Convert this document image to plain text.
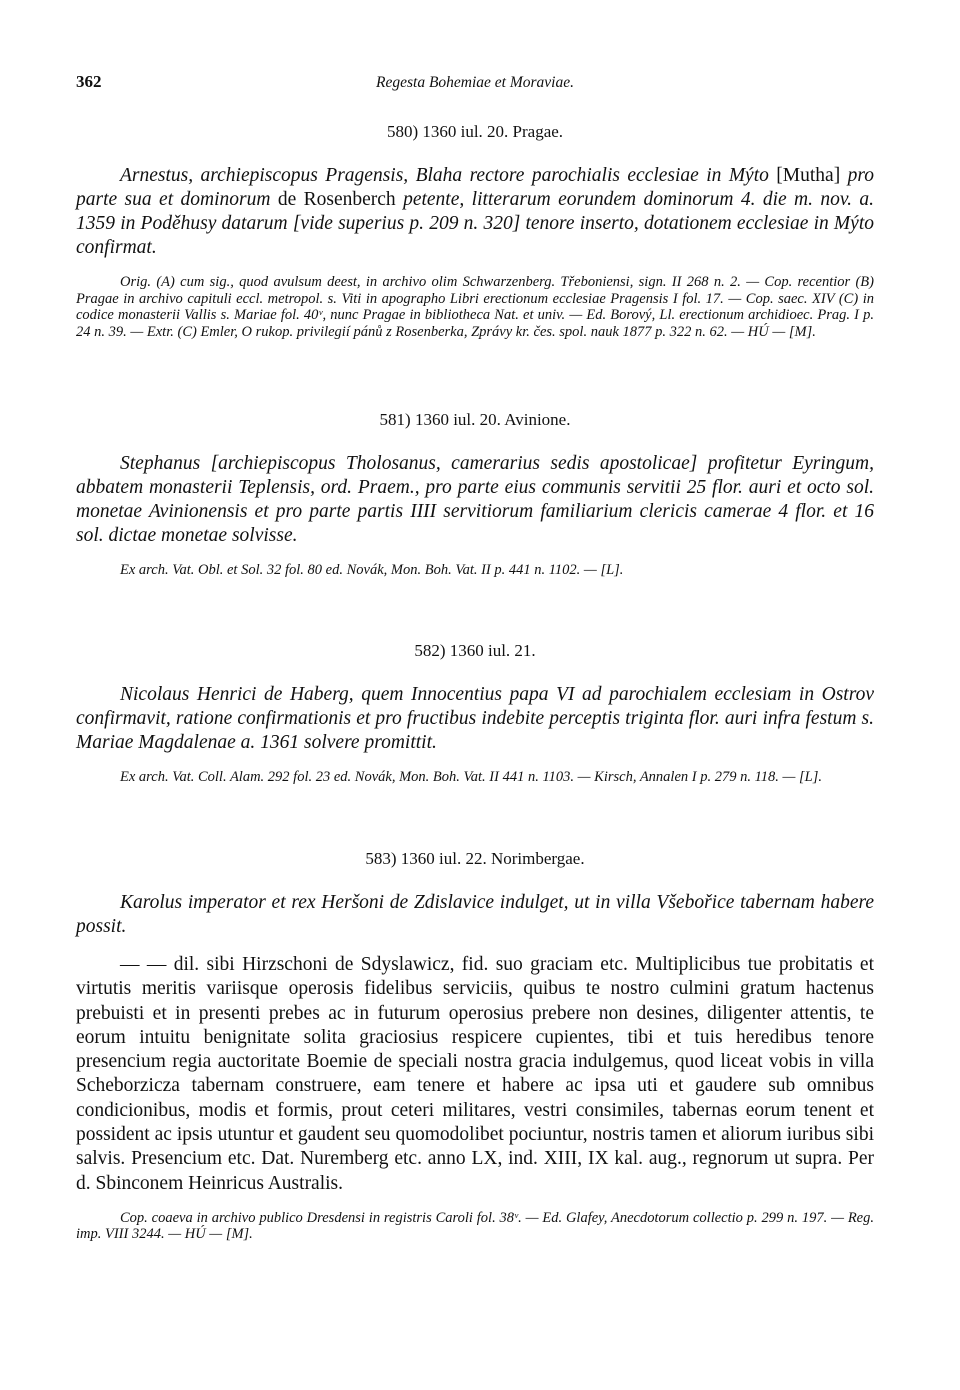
362	Regesta Bohemiae et Moraviae.
580) 1360 iul. 20. Pragae.

Arnestus, archiepiscopus Pragensis, Blaha rectore parochialis ecclesiae in Mýto [Mutha] pro parte sua et dominorum de Rosenberch petente, litterarum eorundem dominorum 4. die m. nov. a. 1359 in Poděhusy datarum [vide superius p. 209 n. 320] tenore inserto, dotationem ecclesiae in Mýto confirmat.

Orig. (A) cum sig., quod avulsum deest, in archivo olim Schwarzenberg. Třeboniensi, sign. II 268 n. 2. — Cop. recentior (B) Pragae in archivo capituli eccl. metropol. s. Viti in apographo Libri erectionum ecclesiae Pragensis I fol. 17. — Cop. saec. XIV (C) in codice monasterii Vallis s. Mariae fol. 40ᵛ, nunc Pragae in bibliotheca Nat. et univ. — Ed. Borový, Ll. erectionum archidioec. Prag. I p. 24 n. 39. — Extr. (C) Emler, O rukop. privilegií pánů z Rosenberka, Zprávy kr. čes. spol. nauk 1877 p. 322 n. 62. — HÚ — [M].

581) 1360 iul. 20. Avinione.

Stephanus [archiepiscopus Tholosanus, camerarius sedis apostolicae] profitetur Eyringum, abbatem monasterii Teplensis, ord. Praem., pro parte eius communis servitii 25 flor. auri et octo sol. monetae Avinionensis et pro parte partis IIII servitiorum familiarium clericis camerae 4 flor. et 16 sol. dictae monetae solvisse.

Ex arch. Vat. Obl. et Sol. 32 fol. 80 ed. Novák, Mon. Boh. Vat. II p. 441 n. 1102. — [L].

582) 1360 iul. 21.

Nicolaus Henrici de Haberg, quem Innocentius papa VI ad parochialem ecclesiam in Ostrov confirmavit, ratione confirmationis et pro fructibus indebite perceptis triginta flor. auri infra festum s. Mariae Magdalenae a. 1361 solvere promittit.

Ex arch. Vat. Coll. Alam. 292 fol. 23 ed. Novák, Mon. Boh. Vat. II 441 n. 1103. — Kirsch, Annalen I p. 279 n. 118. — [L].

583) 1360 iul. 22. Norimbergae.

Karolus imperator et rex Heršoni de Zdislavice indulget, ut in villa Všebořice tabernam habere possit.

— — dil. sibi Hirzschoni de Sdyslawicz, fid. suo graciam etc. Multiplicibus tue probitatis et virtutis meritis variisque operosis fidelibus serviciis, quibus te nostro culmini gratum hactenus prebuisti et in presenti prebes ac in futurum operosius prebere non desines, diligenter attentis, te eorum intuitu benignitate solita graciosius respicere cupientes, tibi et tuis heredibus tenore presencium regia auctoritate Boemie de speciali nostra gracia indulgemus, quod liceat vobis in villa Scheborzicza tabernam construere, eam tenere et habere ac ipsa uti et gaudere sub omnibus condicionibus, modis et formis, prout ceteri militares, vestri consimiles, tabernas eorum tenent et possident ac ipsis utuntur et gaudent seu quomodolibet pociuntur, nostris tamen et aliorum iuribus sibi salvis. Presencium etc. Dat. Nuremberg etc. anno LX, ind. XIII, IX kal. aug., regnorum ut supra. Per d. Sbinconem Heinricus Australis.

Cop. coaeva in archivo publico Dresdensi in registris Caroli fol. 38ᵛ. — Ed. Glafey, Anecdotorum collectio p. 299 n. 197. — Reg. imp. VIII 3244. — HÚ — [M].
